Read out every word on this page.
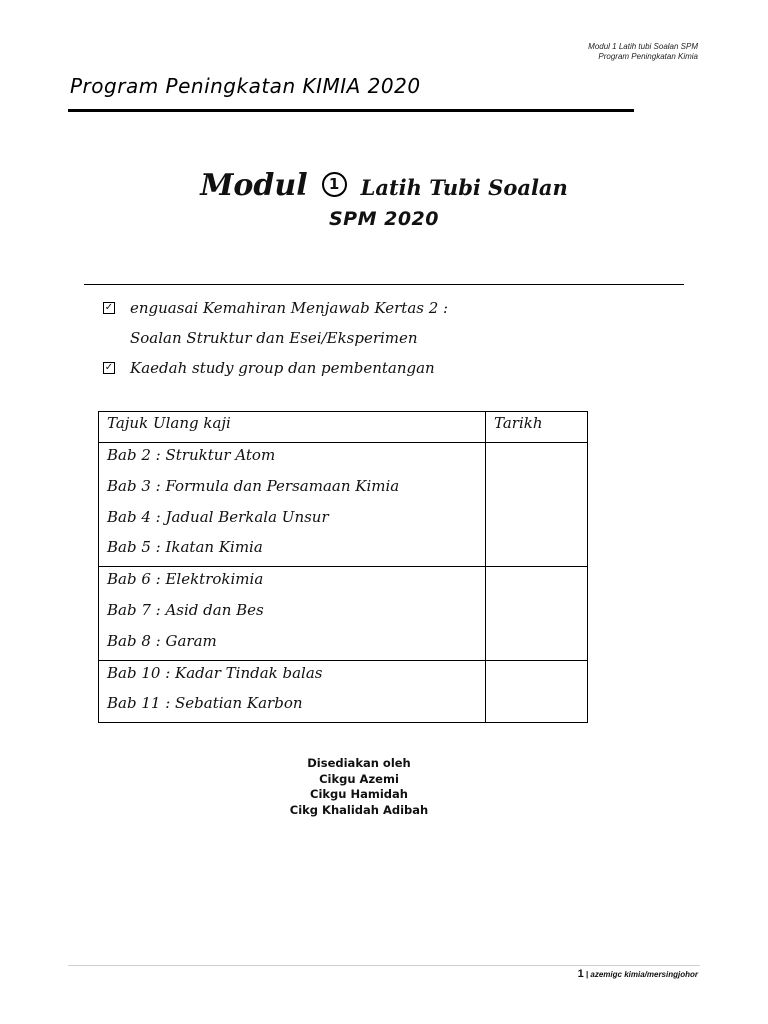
Modul 1 Latih tubi Soalan SPM
Program Peningkatan Kimia
Program Peningkatan KIMIA 2020
Modul 1 Latih Tubi Soalan
SPM 2020
✓ enguasai Kemahiran Menjawab Kertas 2 :
Soalan Struktur dan Esei/Eksperimen
✓ Kaedah study group dan pembentangan
Tajuk Ulang kaji	Tarikh

Bab 2 : Struktur Atom
Bab 3 : Formula dan Persamaan Kimia
Bab 4 : Jadual Berkala Unsur
Bab 5 : Ikatan Kimia	

Bab 6 : Elektrokimia
Bab 7 : Asid dan Bes
Bab 8 : Garam	

Bab 10 : Kadar Tindak balas
Bab 11 : Sebatian Karbon	

Disediakan oleh
Cikgu Azemi
Cikgu Hamidah
Cikg Khalidah Adibah
1 | azemigc kimia/mersingjohor
